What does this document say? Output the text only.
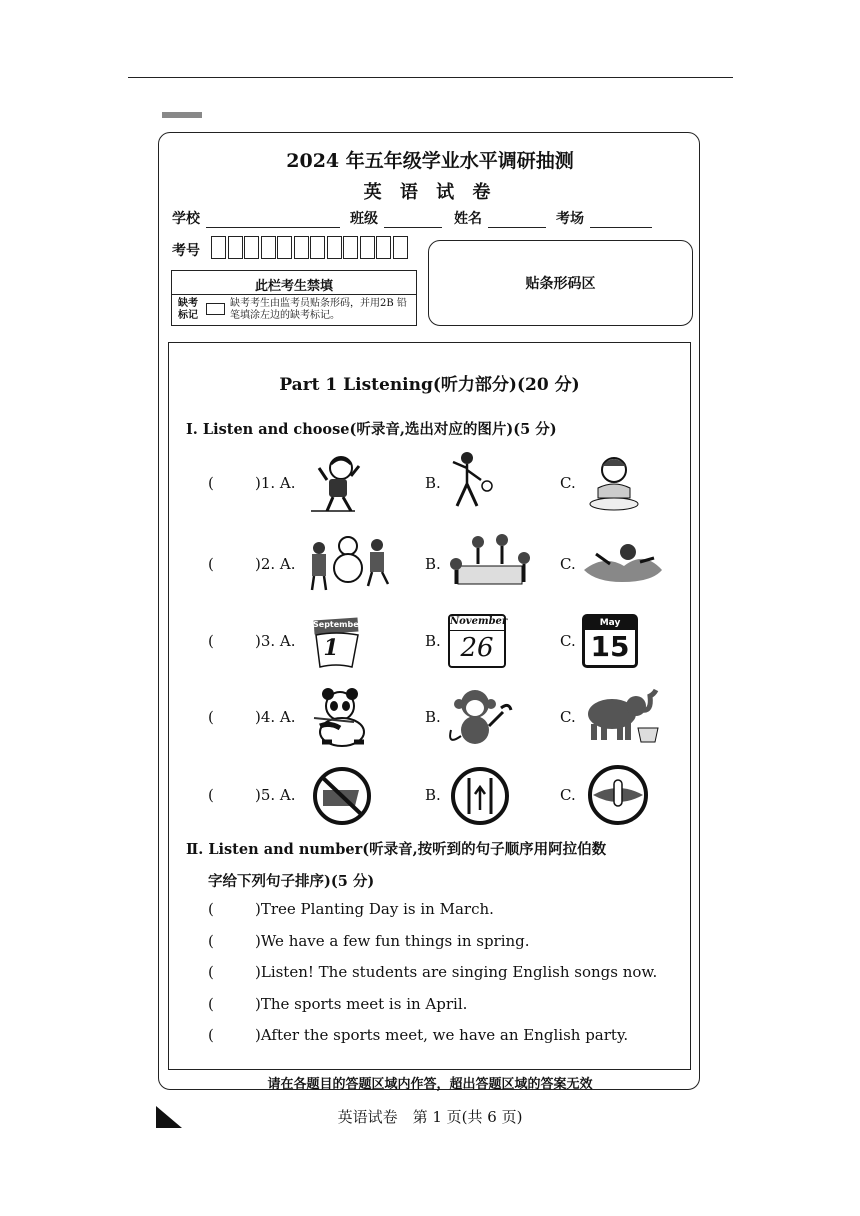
2024 年五年级学业水平调研抽测
英 语 试 卷
学校	班级	姓名	考场
考号
此栏考生禁填
缺考标记
缺考考生由监考员贴条形码，并用2B 铅笔填涂左边的缺考标记。
贴条形码区
Part 1 Listening(听力部分)(20 分)
Ⅰ. Listen and choose(听录音,选出对应的图片)(5 分)
(	)1. A.	B.	C.
(	)2. A.	B.	C.
(	)3. A.	B.	C.
(	)4. A.	B.	C.
(	)5. A.	B.	C.
September
1
November
26
May
15
Ⅱ. Listen and number(听录音,按听到的句子顺序用阿拉伯数
字给下列句子排序)(5 分)
(	)Tree Planting Day is in March.
(	)We have a few fun things in spring.
(	)Listen! The students are singing English songs now.
(	)The sports meet is in April.
(	)After the sports meet, we have an English party.
请在各题目的答题区域内作答，超出答题区域的答案无效
英语试卷　第 1 页(共 6 页)
